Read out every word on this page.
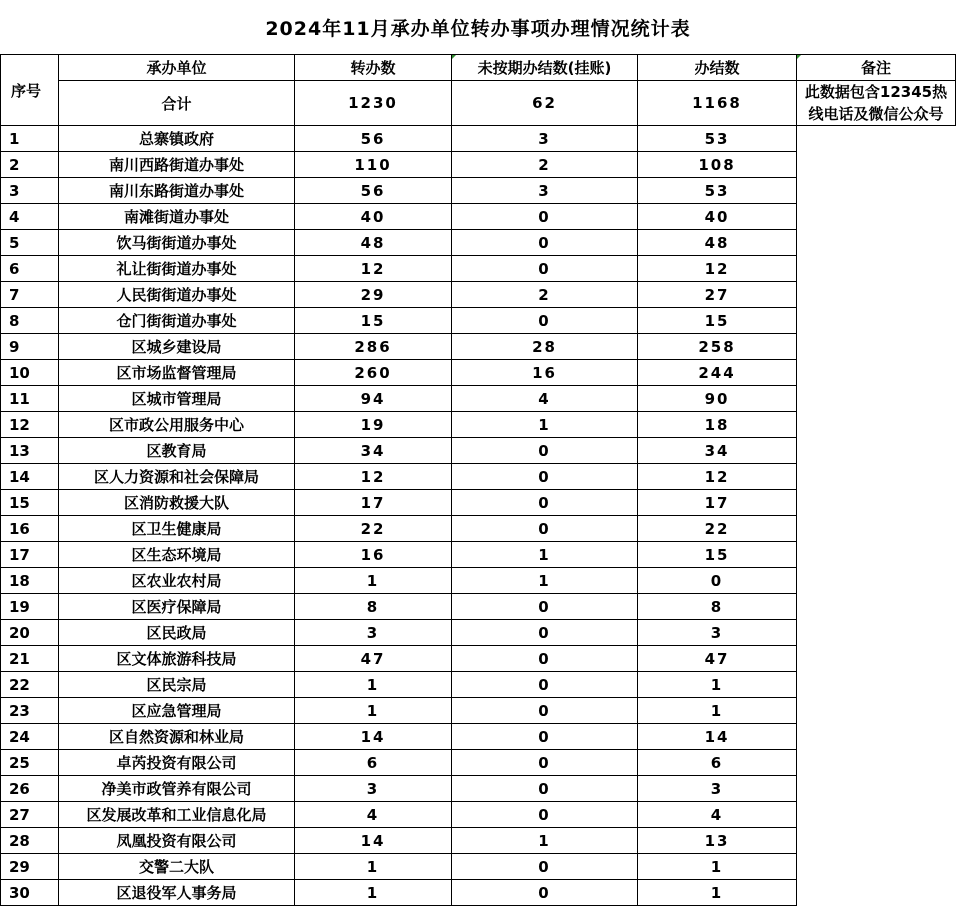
2024年11月承办单位转办事项办理情况统计表
序号	承办单位	转办数	未按期办结数(挂账)	办结数	备注
	合计	1230	62	1168	此数据包含12345热线电话及微信公众号
1	总寨镇政府	56	3	53	
2	南川西路街道办事处	110	2	108	
3	南川东路街道办事处	56	3	53	
4	南滩街道办事处	40	0	40	
5	饮马街街道办事处	48	0	48	
6	礼让街街道办事处	12	0	12	
7	人民街街道办事处	29	2	27	
8	仓门街街道办事处	15	0	15	
9	区城乡建设局	286	28	258	
10	区市场监督管理局	260	16	244	
11	区城市管理局	94	4	90	
12	区市政公用服务中心	19	1	18	
13	区教育局	34	0	34	
14	区人力资源和社会保障局	12	0	12	
15	区消防救援大队	17	0	17	
16	区卫生健康局	22	0	22	
17	区生态环境局	16	1	15	
18	区农业农村局	1	1	0	
19	区医疗保障局	8	0	8	
20	区民政局	3	0	3	
21	区文体旅游科技局	47	0	47	
22	区民宗局	1	0	1	
23	区应急管理局	1	0	1	
24	区自然资源和林业局	14	0	14	
25	卓芮投资有限公司	6	0	6	
26	净美市政管养有限公司	3	0	3	
27	区发展改革和工业信息化局	4	0	4	
28	凤凰投资有限公司	14	1	13	
29	交警二大队	1	0	1	
30	区退役军人事务局	1	0	1	
